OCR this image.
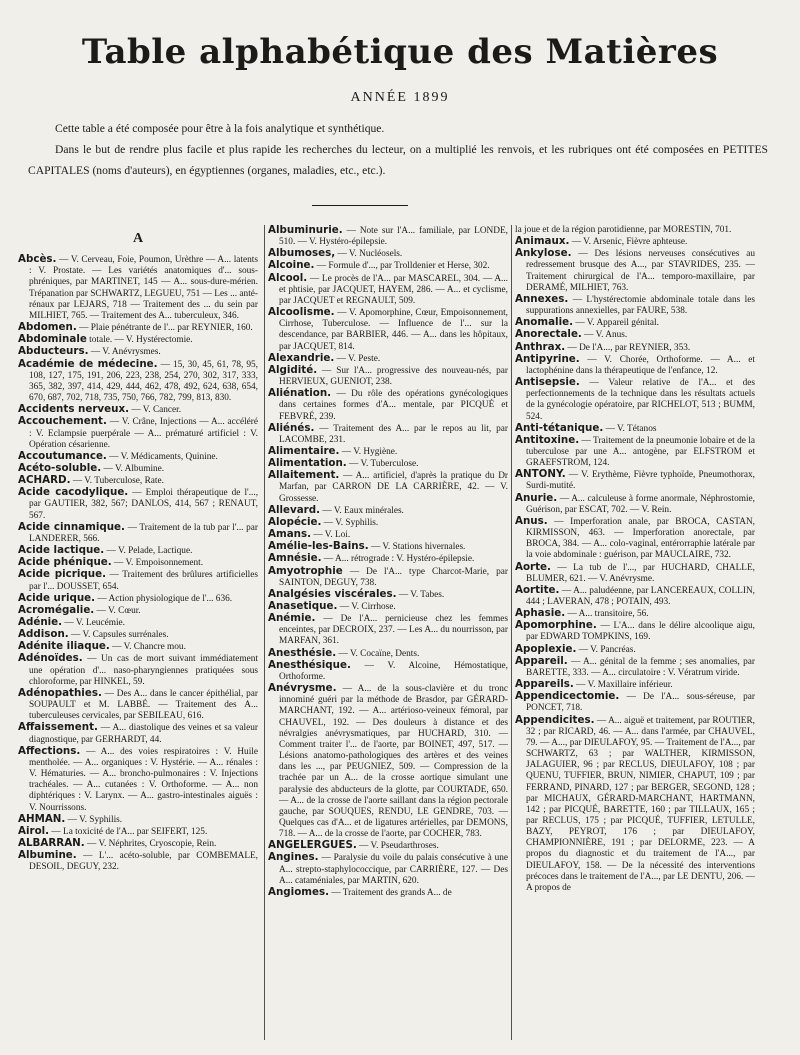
Table alphabétique des Matières
ANNÉE 1899
Cette table a été composée pour être à la fois analytique et synthétique.
Dans le but de rendre plus facile et plus rapide les recherches du lecteur, on a multiplié les renvois, et les rubriques ont été composées en PETITES CAPITALES (noms d'auteurs), en égyptiennes (organes, maladies, etc., etc.).
A
Abcès. — V. Cerveau, Foie, Poumon, Urèthre — A... latents : V. Prostate. — Les variétés anatomiques d'... sous-phréniques, par MARTINET, 145 — A... sous-dure-mérien. Trépanation par SCHWARTZ, LEGUEU, 751 — Les ... anté-rénaux par LEJARS, 718 — Traitement des ... du sein par MILHIET, 765. — Traitement des A... tuberculeux, 346.
Abdomen. — Plaie pénétrante de l'... par REYNIER, 160.
Abdominale totale. — V. Hystérectomie.
Abducteurs. — V. Anévrysmes.
Académie de médecine. — 15, 30, 45, 61, 78, 95, 108, 127, 175, 191, 206, 223, 238, 254, 270, 302, 317, 333, 365, 382, 397, 414, 429, 444, 462, 478, 492, 624, 638, 654, 670, 687, 702, 718, 735, 750, 766, 782, 799, 813, 830.
Accidents nerveux. — V. Cancer.
Accouchement. — V. Crâne, Injections — A... accéléré : V. Eclampsie puerpérale — A... prématuré artificiel : V. Opération césarienne.
Accoutumance. — V. Médicaments, Quinine.
Acéto-soluble. — V. Albumine.
ACHARD. — V. Tuberculose, Rate.
Acide cacodylique. — Emploi thérapeutique de l'..., par GAUTIER, 382, 567; DANLOS, 414, 567 ; RENAUT, 567.
Acide cinnamique. — Traitement de la tub par l'... par LANDERER, 566.
Acide lactique. — V. Pelade, Lactique.
Acide phénique. — V. Empoisonnement.
Acide picrique. — Traitement des brûlures artificielles par l'... DOUSSET, 654.
Acide urique. — Action physiologique de l'... 636.
Acromégalie. — V. Cœur.
Adénie. — V. Leucémie.
Addison. — V. Capsules surrénales.
Adénite iliaque. — V. Chancre mou.
Adénoïdes. — Un cas de mort suivant immédiatement une opération d'... naso-pharyngiennes pratiquées sous chloroforme, par HINKEL, 59.
Adénopathies. — Des A... dans le cancer épithélial, par SOUPAULT et M. LABBÉ. — Traitement des A... tuberculeuses cervicales, par SEBILEAU, 616.
Affaissement. — A... diastolique des veines et sa valeur diagnostique, par GERHARDT, 44.
Affections. — A... des voies respiratoires : V. Huile mentholée. — A... organiques : V. Hystérie. — A... rénales : V. Hématuries. — A... broncho-pulmonaires : V. Injections trachéales. — A... cutanées : V. Orthoforme. — A... non diphtériques : V. Larynx. — A... gastro-intestinales aiguës : V. Nourrissons.
AHMAN. — V. Syphilis.
Airol. — La toxicité de l'A... par SEIFERT, 125.
ALBARRAN. — V. Néphrites, Cryoscopie, Rein.
Albumine. — L'... acéto-soluble, par COMBEMALE, DESOIL, DEGUY, 232.
Albuminurie. — Note sur l'A... familiale, par LONDE, 510. — V. Hystéro-épilepsie.
Albumoses, — V. Nucléosels.
Alcoine. — Formule d'..., par Trolldenier et Herse, 302.
Alcool. — Le procès de l'A... par MASCAREL, 304. — A... et phtisie, par JACQUET, HAYEM, 286. — A... et cyclisme, par JACQUET et REGNAULT, 509.
Alcoolisme. — V. Apomorphine, Cœur, Empoisonnement, Cirrhose, Tuberculose. — Influence de l'... sur la descendance, par BARBIER, 446. — A... dans les hôpitaux, par JACQUET, 814.
Alexandrie. — V. Peste.
Algidité. — Sur l'A... progressive des nouveau-nés, par HERVIEUX, GUENIOT, 238.
Aliénation. — Du rôle des opérations gynécologiques dans certaines formes d'A... mentale, par PICQUÉ et FEBVRÉ, 239.
Aliénés. — Traitement des A... par le repos au lit, par LACOMBE, 231.
Alimentaire. — V. Hygiène.
Alimentation. — V. Tuberculose.
Allaitement. — A... artificiel, d'après la pratique du Dr Marfan, par CARRON DE LA CARRIÈRE, 42. — V. Grossesse.
Allevard. — V. Eaux minérales.
Alopécie. — V. Syphilis.
Amans. — V. Loi.
Amélie-les-Bains. — V. Stations hivernales.
Amnésie. — A... rétrograde : V. Hystéro-épilepsie.
Amyotrophie — De l'A... type Charcot-Marie, par SAINTON, DEGUY, 738.
Analgésies viscérales. — V. Tabes.
Anasetique. — V. Cirrhose.
Anémie. — De l'A... pernicieuse chez les femmes enceintes, par DECROIX, 237. — Les A... du nourrisson, par MARFAN, 361.
Anesthésie. — V. Cocaïne, Dents.
Anesthésique. — V. Alcoine, Hémostatique, Orthoforme.
Anévrysme. — A... de la sous-clavière et du tronc innominé guéri par la méthode de Brasdor, par GÉRARD-MARCHANT, 192. — A... artérioso-veineux fémoral, par CHAUVEL, 192. — Des douleurs à distance et des névralgies anévrysmatiques, par HUCHARD, 310. — Comment traiter l'... de l'aorte, par BOINET, 497, 517. — Lésions anatomo-pathologiques des artères et des veines dans les ..., par PEUGNIEZ, 509. — Compression de la trachée par un A... de la crosse aortique simulant une paralysie des abducteurs de la glotte, par COURTADE, 650. — A... de la crosse de l'aorte saillant dans la région pectorale gauche, par SOUQUES, RENDU, LE GENDRE, 703. — Quelques cas d'A... et de ligatures artérielles, par DEMONS, 718. — A... de la crosse de l'aorte, par COCHER, 783.
ANGELERGUES. — V. Pseudarthroses.
Angines. — Paralysie du voile du palais consécutive à une A... strepto-staphylococcique, par CARRIÈRE, 127. — Des A... cataméniales, par MARTIN, 620.
Angiomes. — Traitement des grands A... de
la joue et de la région parotidienne, par MORESTIN, 701.
Animaux. — V. Arsenic, Fièvre aphteuse.
Ankylose. — Des lésions nerveuses consécutives au redressement brusque des A..., par STAVRIDES, 235. — Traitement chirurgical de l'A... temporo-maxillaire, par DERAMÉ, MILHIET, 763.
Annexes. — L'hystérectomie abdominale totale dans les suppurations annexielles, par FAURE, 538.
Anomalie. — V. Appareil génital.
Anorectale. — V. Anus.
Anthrax. — De l'A..., par REYNIER, 353.
Antipyrine. — V. Chorée, Orthoforme. — A... et lactophénine dans la thérapeutique de l'enfance, 12.
Antisepsie. — Valeur relative de l'A... et des perfectionnements de la technique dans les résultats actuels de la gynécologie opératoire, par RICHELOT, 513 ; BUMM, 524.
Anti-tétanique. — V. Tétanos
Antitoxine. — Traitement de la pneumonie lobaire et de la tuberculose par une A... antogène, par ELFSTROM et GRAEFSTROM, 124.
ANTONY. — V. Erythème, Fièvre typhoïde, Pneumothorax, Surdi-mutité.
Anurie. — A... calculeuse à forme anormale, Néphrostomie, Guérison, par ESCAT, 702. — V. Rein.
Anus. — Imperforation anale, par BROCA, CASTAN, KIRMISSON, 463. — Imperforation anorectale, par BROCA, 384. — A... colo-vaginal, entérorraphie latérale par la voie abdominale : guérison, par MAUCLAIRE, 732.
Aorte. — La tub de l'..., par HUCHARD, CHALLE, BLUMER, 621. — V. Anévrysme.
Aortite. — A... paludéenne, par LANCEREAUX, COLLIN, 444 ; LAVERAN, 478 ; POTAIN, 493.
Aphasie. — A... transitoire, 56.
Apomorphine. — L'A... dans le délire alcoolique aigu, par EDWARD TOMPKINS, 169.
Apoplexie. — V. Pancréas.
Appareil. — A... génital de la femme ; ses anomalies, par BARETTE, 333. — A... circulatoire : V. Vératrum viride.
Appareils. — V. Maxillaire inférieur.
Appendicectomie. — De l'A... sous-séreuse, par PONCET, 718.
Appendicites. — A... aiguë et traitement, par ROUTIER, 32 ; par RICARD, 46. — A... dans l'armée, par CHAUVEL, 79. — A..., par DIEULAFOY, 95. — Traitement de l'A..., par SCHWARTZ, 63 ; par WALTHER, KIRMISSON, JALAGUIER, 96 ; par RECLUS, DIEULAFOY, 108 ; par QUENU, TUFFIER, BRUN, NIMIER, CHAPUT, 109 ; par FERRAND, PINARD, 127 ; par BERGER, SEGOND, 128 ; par MICHAUX, GÉRARD-MARCHANT, HARTMANN, 142 ; par PICQUÉ, BARETTE, 160 ; par TILLAUX, 165 ; par RECLUS, 175 ; par PICQUÉ, TUFFIER, LETULLE, BAZY, PEYROT, 176 ; par DIEULAFOY, CHAMPIONNIÈRE, 191 ; par DELORME, 223. — A propos du diagnostic et du traitement de l'A..., par DIEULAFOY, 158. — De la nécessité des interventions précoces dans le traitement de l'A..., par LE DENTU, 206. — A propos de
